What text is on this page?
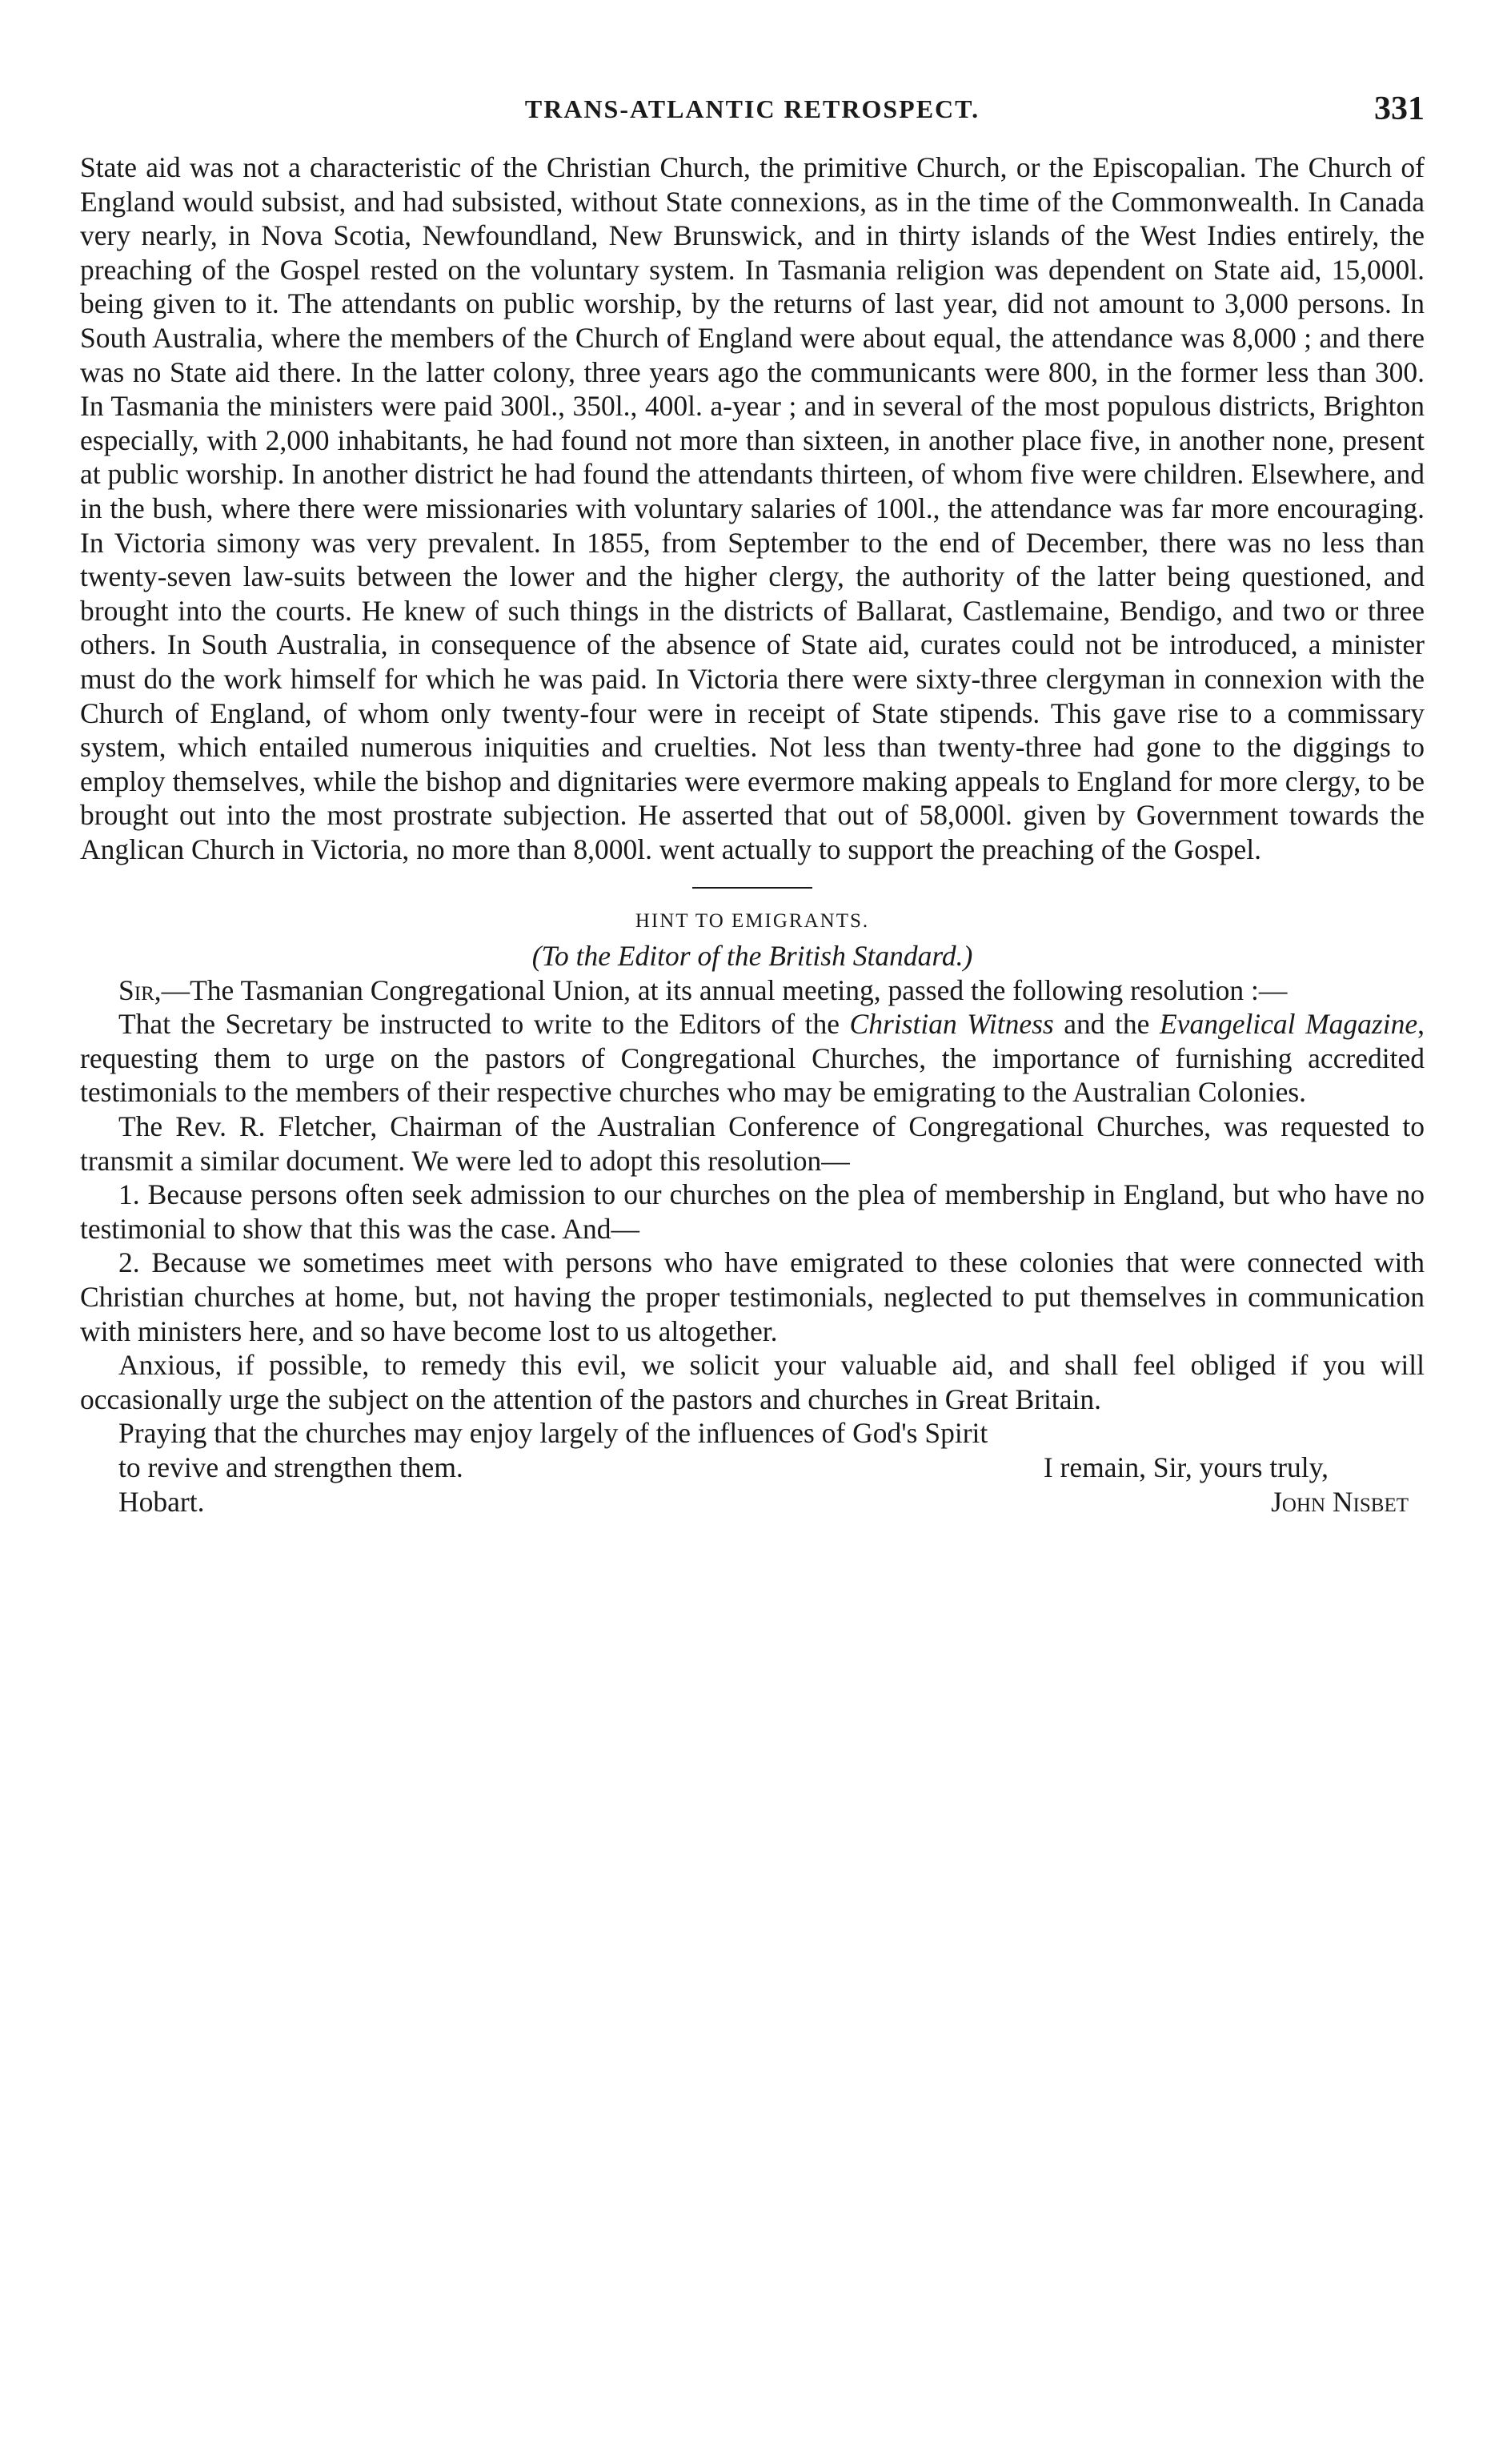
TRANS-ATLANTIC RETROSPECT.	331

State aid was not a characteristic of the Christian Church, the primitive Church, or the Episcopalian. The Church of England would subsist, and had subsisted, without State connexions, as in the time of the Commonwealth. In Canada very nearly, in Nova Scotia, Newfoundland, New Brunswick, and in thirty islands of the West Indies entirely, the preaching of the Gospel rested on the voluntary system. In Tasmania religion was dependent on State aid, 15,000l. being given to it. The attendants on public worship, by the returns of last year, did not amount to 3,000 persons. In South Australia, where the members of the Church of England were about equal, the attendance was 8,000 ; and there was no State aid there. In the latter colony, three years ago the communicants were 800, in the former less than 300. In Tasmania the ministers were paid 300l., 350l., 400l. a-year ; and in several of the most populous districts, Brighton especially, with 2,000 inhabitants, he had found not more than sixteen, in another place five, in another none, present at public worship. In another district he had found the attendants thirteen, of whom five were children. Elsewhere, and in the bush, where there were missionaries with voluntary salaries of 100l., the attendance was far more encouraging. In Victoria simony was very prevalent. In 1855, from September to the end of December, there was no less than twenty-seven law-suits between the lower and the higher clergy, the authority of the latter being questioned, and brought into the courts. He knew of such things in the districts of Ballarat, Castlemaine, Bendigo, and two or three others. In South Australia, in consequence of the absence of State aid, curates could not be introduced, a minister must do the work himself for which he was paid. In Victoria there were sixty-three clergyman in connexion with the Church of England, of whom only twenty-four were in receipt of State stipends. This gave rise to a commissary system, which entailed numerous iniquities and cruelties. Not less than twenty-three had gone to the diggings to employ themselves, while the bishop and dignitaries were evermore making appeals to England for more clergy, to be brought out into the most prostrate subjection. He asserted that out of 58,000l. given by Government towards the Anglican Church in Victoria, no more than 8,000l. went actually to support the preaching of the Gospel.

HINT TO EMIGRANTS.

(To the Editor of the British Standard.)

Sir,—The Tasmanian Congregational Union, at its annual meeting, passed the following resolution :—

That the Secretary be instructed to write to the Editors of the Christian Witness and the Evangelical Magazine, requesting them to urge on the pastors of Congregational Churches, the importance of furnishing accredited testimonials to the members of their respective churches who may be emigrating to the Australian Colonies.

The Rev. R. Fletcher, Chairman of the Australian Conference of Congregational Churches, was requested to transmit a similar document. We were led to adopt this resolution—

1. Because persons often seek admission to our churches on the plea of membership in England, but who have no testimonial to show that this was the case. And—

2. Because we sometimes meet with persons who have emigrated to these colonies that were connected with Christian churches at home, but, not having the proper testimonials, neglected to put themselves in communication with ministers here, and so have become lost to us altogether.

Anxious, if possible, to remedy this evil, we solicit your valuable aid, and shall feel obliged if you will occasionally urge the subject on the attention of the pastors and churches in Great Britain.

Praying that the churches may enjoy largely of the influences of God's Spirit

to revive and strengthen them.	I remain, Sir, yours truly,
Hobart.	John Nisbet
